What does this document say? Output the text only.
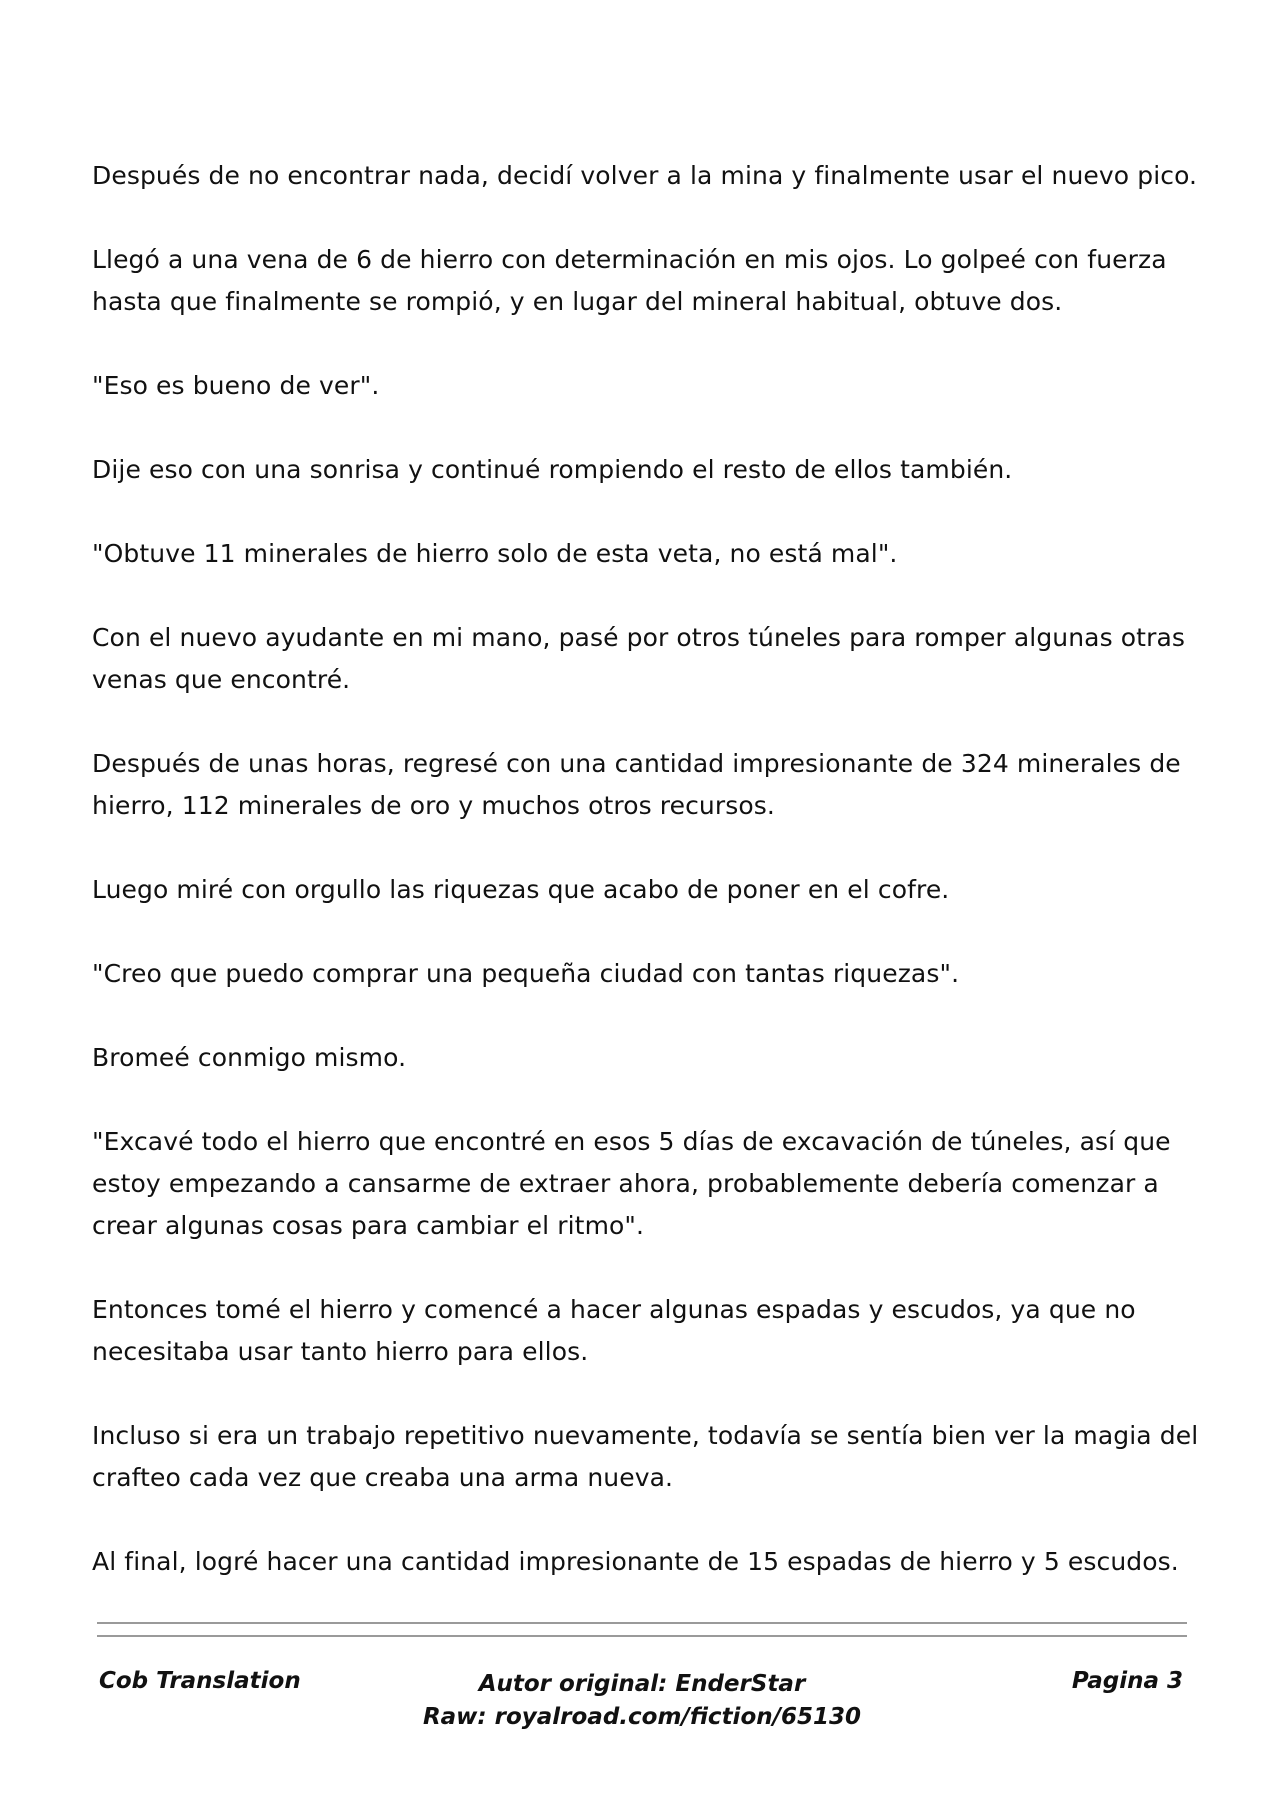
Después de no encontrar nada, decidí volver a la mina y finalmente usar el nuevo pico.

Llegó a una vena de 6 de hierro con determinación en mis ojos. Lo golpeé con fuerza hasta que finalmente se rompió, y en lugar del mineral habitual, obtuve dos.

"Eso es bueno de ver".

Dije eso con una sonrisa y continué rompiendo el resto de ellos también.

"Obtuve 11 minerales de hierro solo de esta veta, no está mal".

Con el nuevo ayudante en mi mano, pasé por otros túneles para romper algunas otras venas que encontré.

Después de unas horas, regresé con una cantidad impresionante de 324 minerales de hierro, 112 minerales de oro y muchos otros recursos.

Luego miré con orgullo las riquezas que acabo de poner en el cofre.

"Creo que puedo comprar una pequeña ciudad con tantas riquezas".

Bromeé conmigo mismo.

"Excavé todo el hierro que encontré en esos 5 días de excavación de túneles, así que estoy empezando a cansarme de extraer ahora, probablemente debería comenzar a crear algunas cosas para cambiar el ritmo".

Entonces tomé el hierro y comencé a hacer algunas espadas y escudos, ya que no necesitaba usar tanto hierro para ellos.

Incluso si era un trabajo repetitivo nuevamente, todavía se sentía bien ver la magia del crafteo cada vez que creaba una arma nueva.

Al final, logré hacer una cantidad impresionante de 15 espadas de hierro y 5 escudos.

Cob Translation	Autor original: EnderStar
Raw: royalroad.com/fiction/65130
Pagina 3
